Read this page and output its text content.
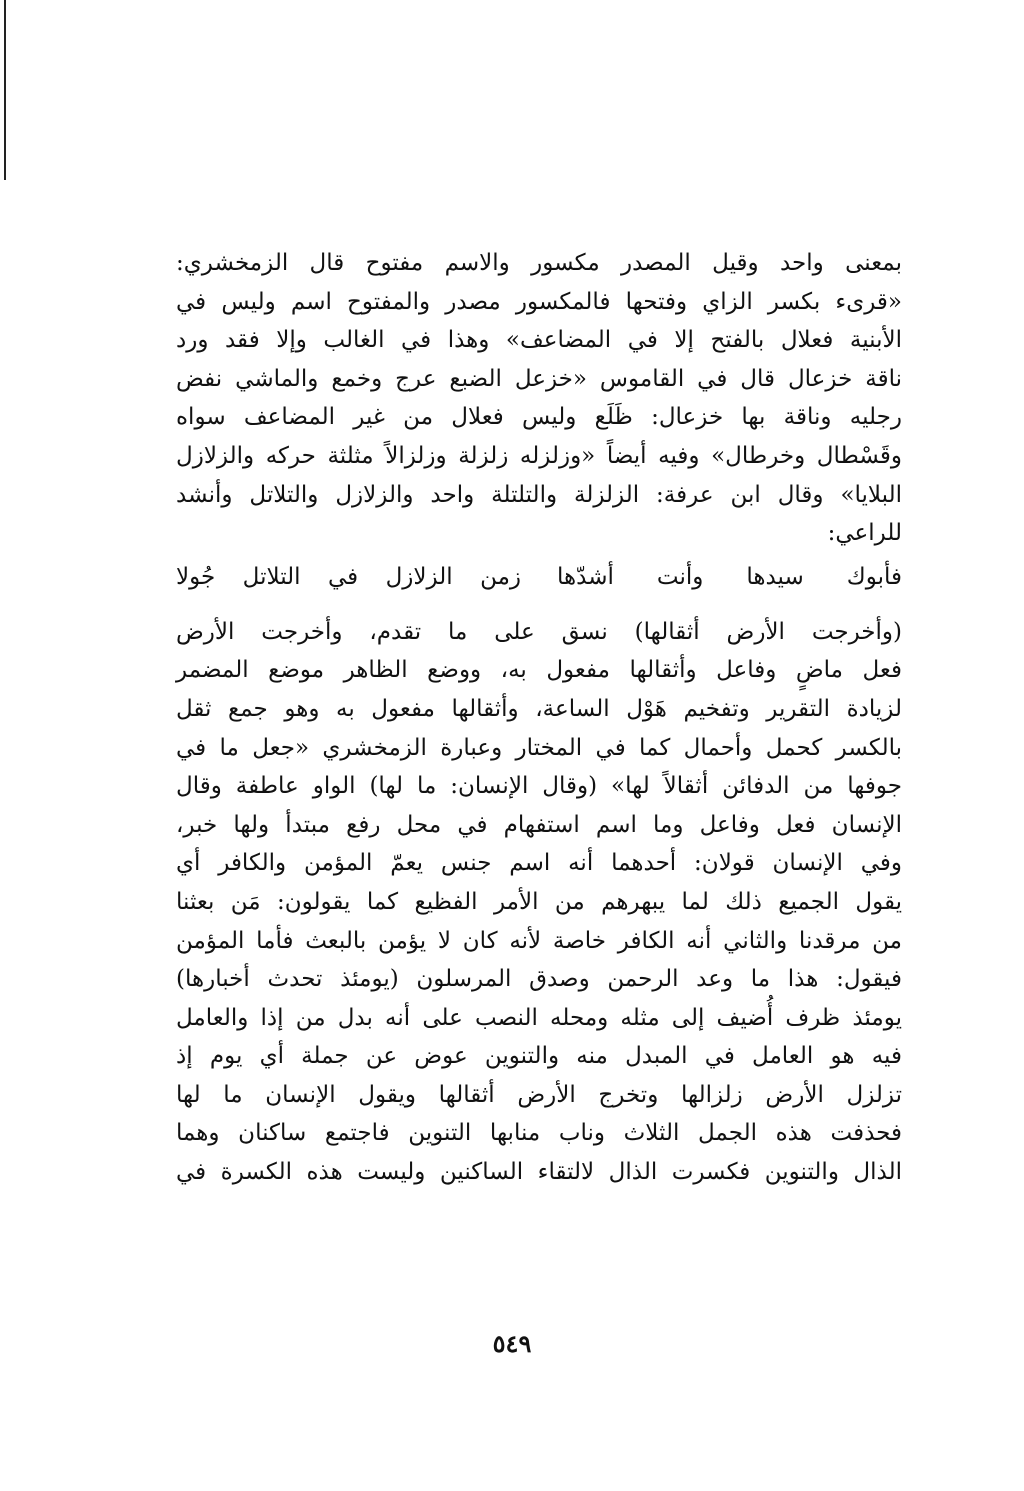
بمعنى واحد وقيل المصدر مكسور والاسم مفتوح قال الزمخشري:
«قرىء بكسر الزاي وفتحها فالمكسور مصدر والمفتوح اسم وليس في
الأبنية فعلال بالفتح إلا في المضاعف» وهذا في الغالب وإلا فقد ورد
ناقة خزعال قال في القاموس «خزعل الضبع عرج وخمع والماشي نفض
رجليه وناقة بها خزعال: ظَلَع وليس فعلال من غير المضاعف سواه
وقَسْطال وخرطال» وفيه أيضاً «وزلزله زلزلة وزلزالاً مثلثة حركه والزلازل
البلايا» وقال ابن عرفة: الزلزلة والتلتلة واحد والزلازل والتلاتل وأنشد
للراعي:
فأبوك سيدها وأنت أشدّها
زمن الزلازل في التلاتل جُولا
(وأخرجت الأرض أثقالها) نسق على ما تقدم، وأخرجت الأرض
فعل ماضٍ وفاعل وأثقالها مفعول به، ووضع الظاهر موضع المضمر
لزيادة التقرير وتفخيم هَوْل الساعة، وأثقالها مفعول به وهو جمع ثقل
بالكسر كحمل وأحمال كما في المختار وعبارة الزمخشري «جعل ما في
جوفها من الدفائن أثقالاً لها» (وقال الإنسان: ما لها) الواو عاطفة وقال
الإنسان فعل وفاعل وما اسم استفهام في محل رفع مبتدأ ولها خبر،
وفي الإنسان قولان: أحدهما أنه اسم جنس يعمّ المؤمن والكافر أي
يقول الجميع ذلك لما يبهرهم من الأمر الفظيع كما يقولون: مَن بعثنا
من مرقدنا والثاني أنه الكافر خاصة لأنه كان لا يؤمن بالبعث فأما المؤمن
فيقول: هذا ما وعد الرحمن وصدق المرسلون (يومئذ تحدث أخبارها)
يومئذ ظرف أُضيف إلى مثله ومحله النصب على أنه بدل من إذا والعامل
فيه هو العامل في المبدل منه والتنوين عوض عن جملة أي يوم إذ
تزلزل الأرض زلزالها وتخرج الأرض أثقالها ويقول الإنسان ما لها
فحذفت هذه الجمل الثلاث وناب منابها التنوين فاجتمع ساكنان وهما
الذال والتنوين فكسرت الذال لالتقاء الساكنين وليست هذه الكسرة في
٥٤٩
